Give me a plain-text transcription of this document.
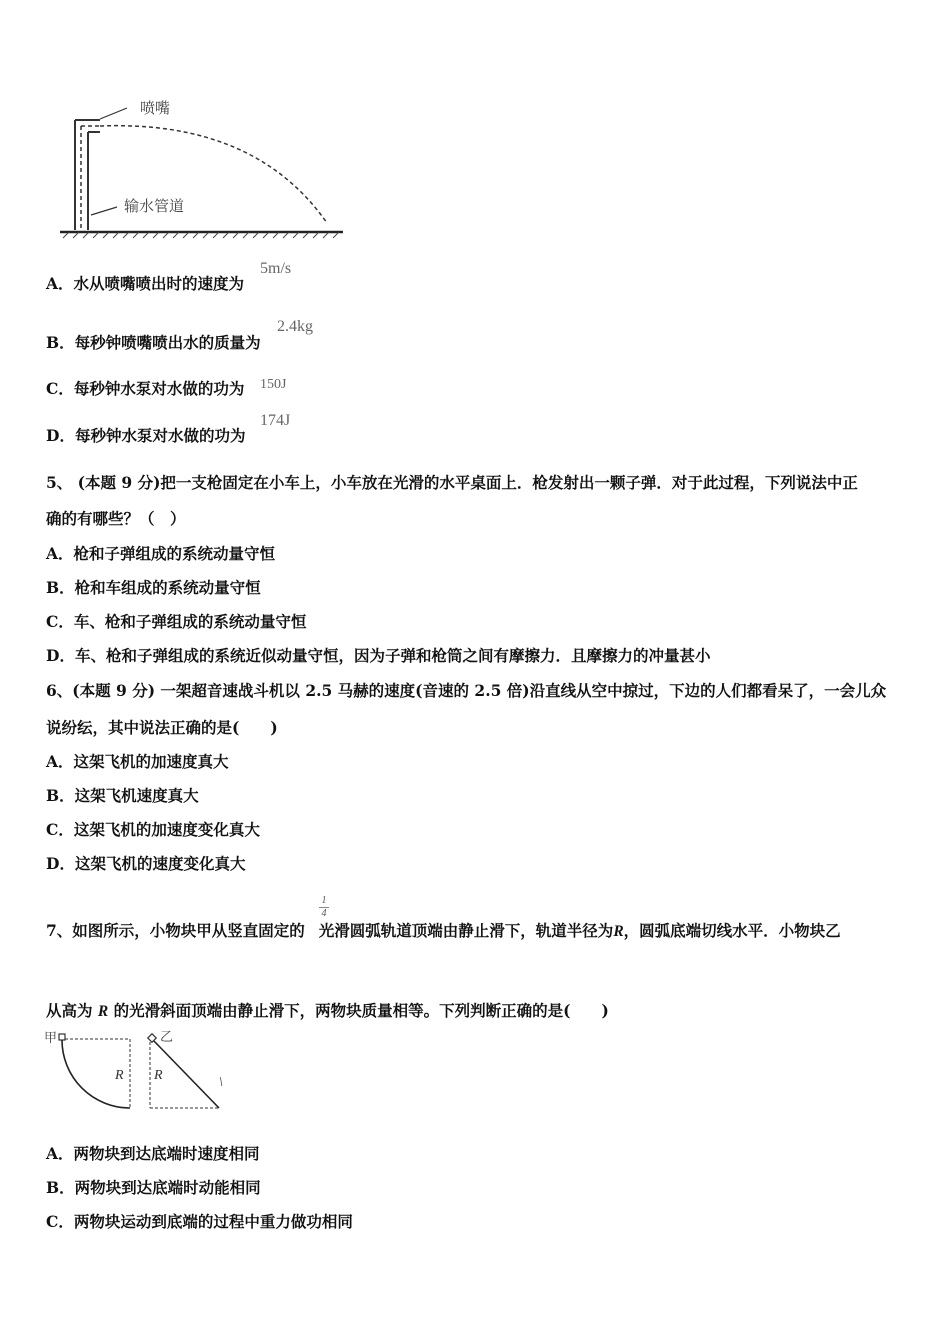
喷嘴
输水管道
A．水从喷嘴喷出时的速度为
5m/s
B．每秒钟喷嘴喷出水的质量为
2.4kg
C．每秒钟水泵对水做的功为 150J
D．每秒钟水泵对水做的功为
174J
5、 (本题 9 分)把一支枪固定在小车上，小车放在光滑的水平桌面上．枪发射出一颗子弹．对于此过程，下列说法中正
确的有哪些？（　）
A．枪和子弹组成的系统动量守恒
B．枪和车组成的系统动量守恒
C．车、枪和子弹组成的系统动量守恒
D．车、枪和子弹组成的系统近似动量守恒，因为子弹和枪筒之间有摩擦力．且摩擦力的冲量甚小
6、(本题 9 分) 一架超音速战斗机以 2.5 马赫的速度(音速的 2.5 倍)沿直线从空中掠过，下边的人们都看呆了，一会儿众
说纷纭，其中说法正确的是(　　)
A．这架飞机的加速度真大
B．这架飞机速度真大
C．这架飞机的加速度变化真大
D．这架飞机的速度变化真大
7、如图所示，小物块甲从竖直固定的 光滑圆弧轨道顶端由静止滑下，轨道半径为R，圆弧底端切线水平．小物块乙
1
4
从高为 R 的光滑斜面顶端由静止滑下，两物块质量相等。下列判断正确的是(　　)
甲
R
乙
R	\
A．两物块到达底端时速度相同
B．两物块到达底端时动能相同
C．两物块运动到底端的过程中重力做功相同
